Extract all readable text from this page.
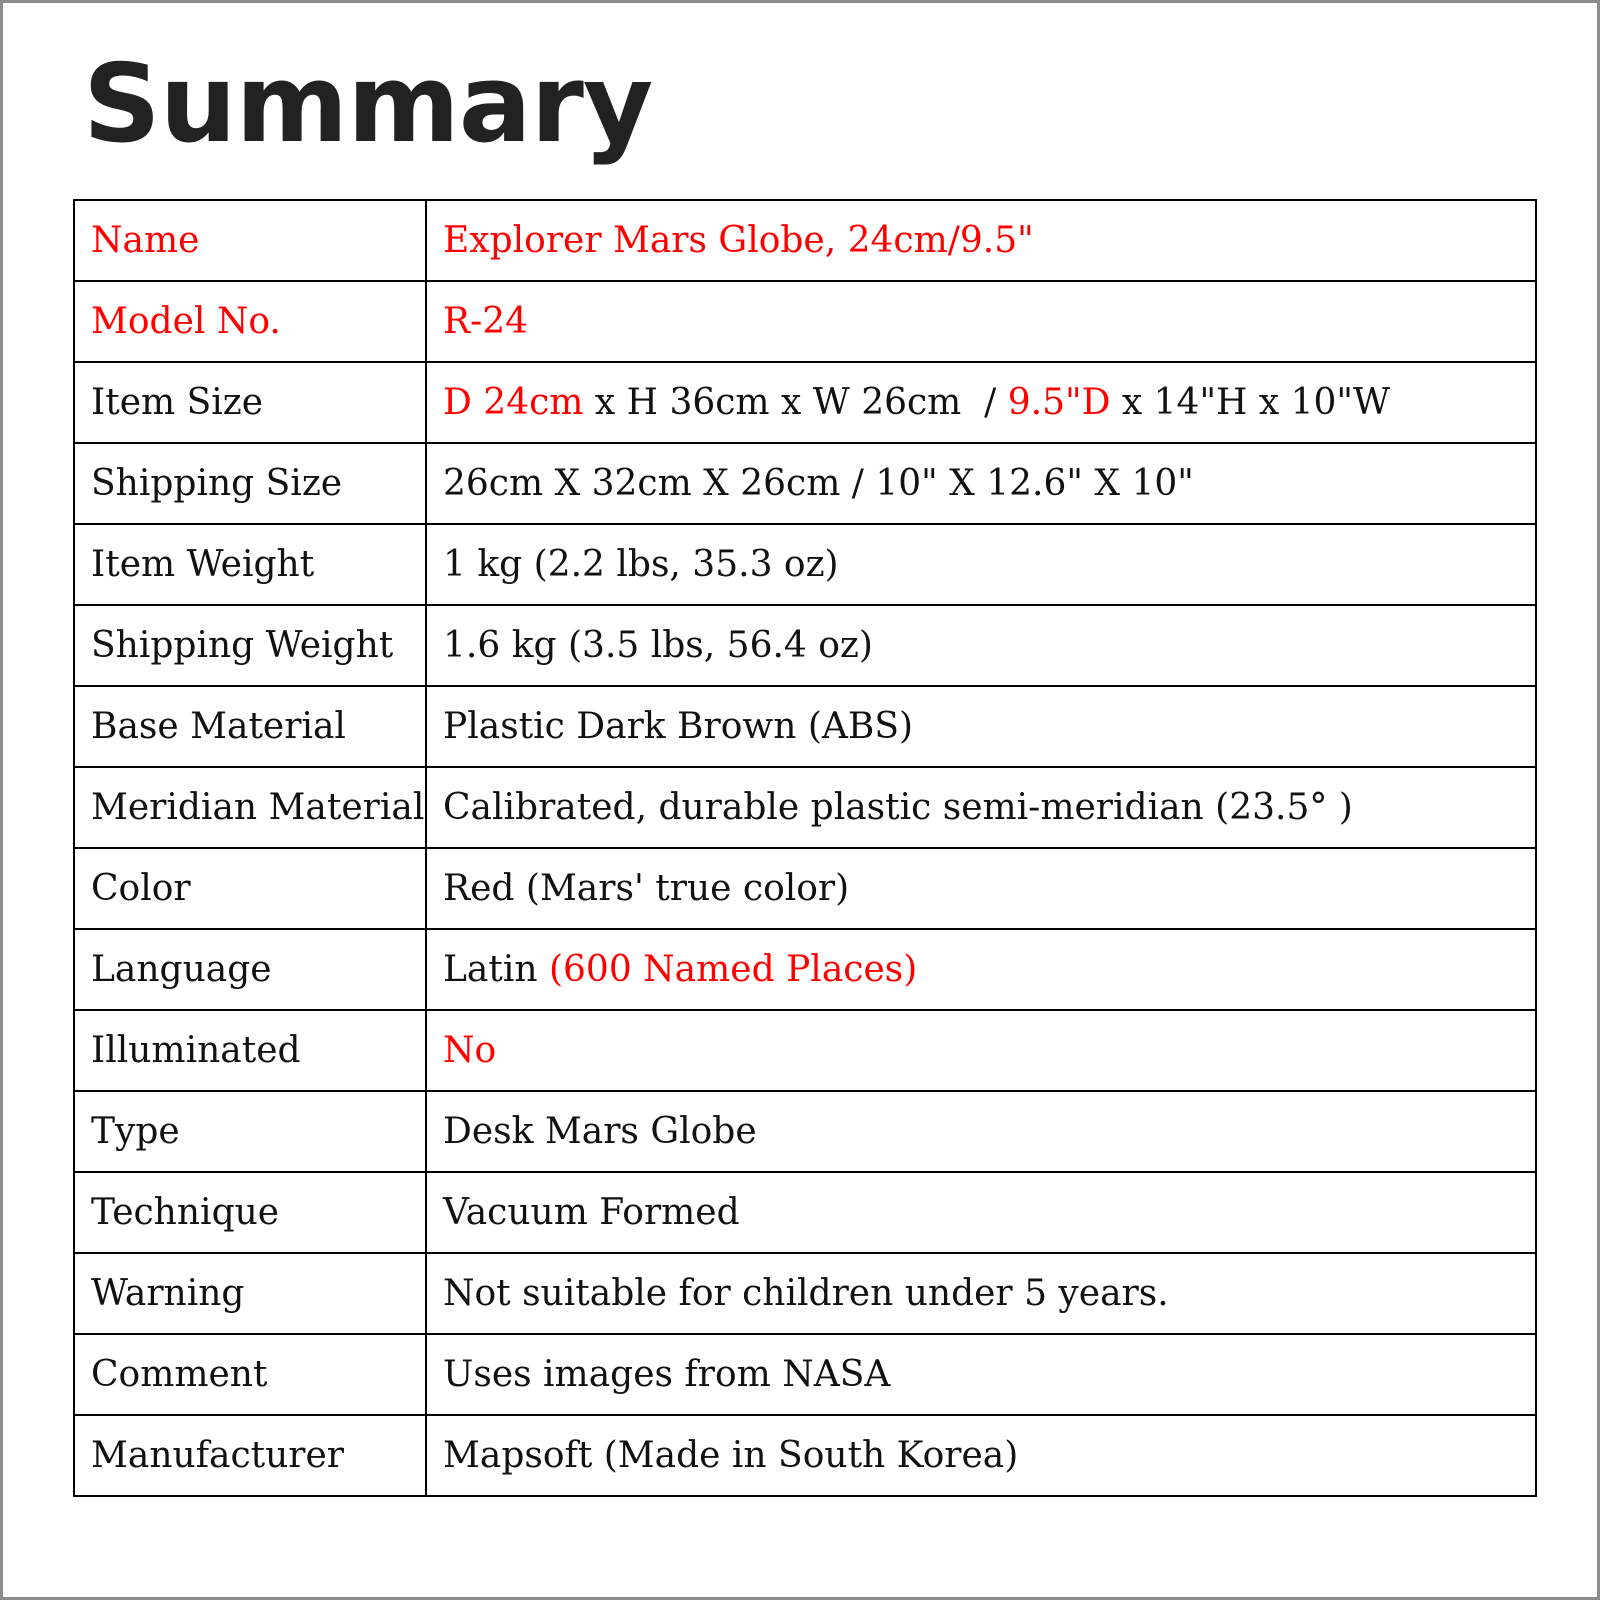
Summary
Name	Explorer Mars Globe, 24cm/9.5"
Model No.	R-24
Item Size	D 24cm x H 36cm x W 26cm  / 9.5"D x 14"H x 10"W
Shipping Size	26cm X 32cm X 26cm / 10" X 12.6" X 10"
Item Weight	1 kg (2.2 lbs, 35.3 oz)
Shipping Weight	1.6 kg (3.5 lbs, 56.4 oz)
Base Material	Plastic Dark Brown (ABS)
Meridian Material	Calibrated, durable plastic semi-meridian (23.5° )
Color	Red (Mars' true color)
Language	Latin (600 Named Places)
Illuminated	No
Type	Desk Mars Globe
Technique	Vacuum Formed
Warning	Not suitable for children under 5 years.
Comment	Uses images from NASA
Manufacturer	Mapsoft (Made in South Korea)
